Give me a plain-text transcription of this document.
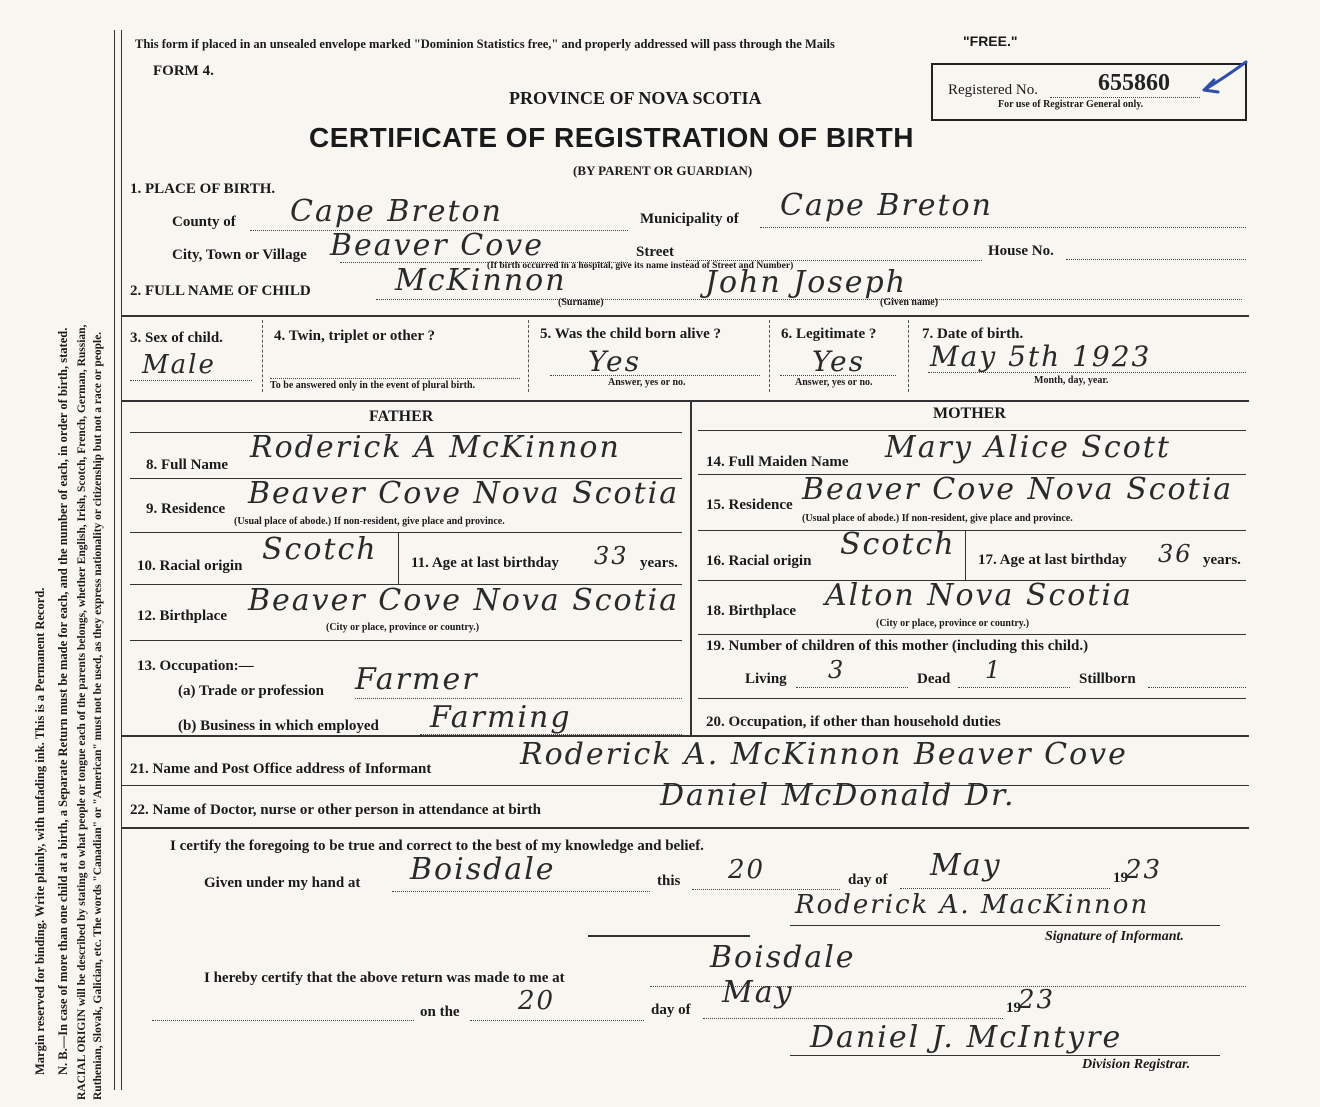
Margin reserved for binding. Write plainly, with unfading ink. This is a Permanent Record. N. B.—In case of more than one child at a birth, a Separate Return must be made for each, and the number of each, in order of birth, stated. RACIAL ORIGIN will be described by stating to what people or tongue each of the parents belongs, whether English, Irish, Scotch, French, German, Russian, Ruthenian, Slovak, Galician, etc. The words "Canadian" or "American" must not be used, as they express nationality or citizenship but not a race or people.
This form if placed in an unsealed envelope marked "Dominion Statistics free," and properly addressed will pass through the Mails	"FREE."
FORM 4.
PROVINCE OF NOVA SCOTIA
CERTIFICATE OF REGISTRATION OF BIRTH
(BY PARENT OR GUARDIAN)
Registered No.	655860
For use of Registrar General only.
1. PLACE OF BIRTH.
County of Cape Breton	Municipality of Cape Breton
City, Town or Village Beaver Cove	Street	House No.
(If birth occurred in a hospital, give its name instead of Street and Number)
2. FULL NAME OF CHILD	McKinnon	John Joseph
(Surname)	(Given name)
3. Sex of child.
Male
4. Twin, triplet or other ?
To be answered only in the event of plural birth.
5. Was the child born alive ?
Yes
Answer, yes or no.
6. Legitimate ?
Yes
Answer, yes or no.
7. Date of birth.
May 5th 1923
Month, day, year.
FATHER
8. Full Name Roderick A McKinnon
9. Residence Beaver Cove Nova Scotia
(Usual place of abode.) If non-resident, give place and province.
10. Racial origin Scotch 11. Age at last birthday 33 years.
12. Birthplace Beaver Cove Nova Scotia
(City or place, province or country.)
13. Occupation:—
(a) Trade or profession Farmer
(b) Business in which employed Farming
MOTHER
14. Full Maiden Name Mary Alice Scott
15. Residence Beaver Cove Nova Scotia
(Usual place of abode.) If non-resident, give place and province.
16. Racial origin Scotch 17. Age at last birthday 36 years.
18. Birthplace Alton Nova Scotia
(City or place, province or country.)
19. Number of children of this mother (including this child.)
Living 3	Dead 1	Stillborn
20. Occupation, if other than household duties
21. Name and Post Office address of Informant	Roderick A. McKinnon Beaver Cove
22. Name of Doctor, nurse or other person in attendance at birth	Daniel McDonald Dr.
I certify the foregoing to be true and correct to the best of my knowledge and belief.
Given under my hand at Boisdale	this 20	day of May	19
23
Roderick A. MacKinnon
Signature of Informant.
I hereby certify that the above return was made to me at
Boisdale
on the 20	day of May	19
23
Daniel J. McIntyre
Division Registrar.
